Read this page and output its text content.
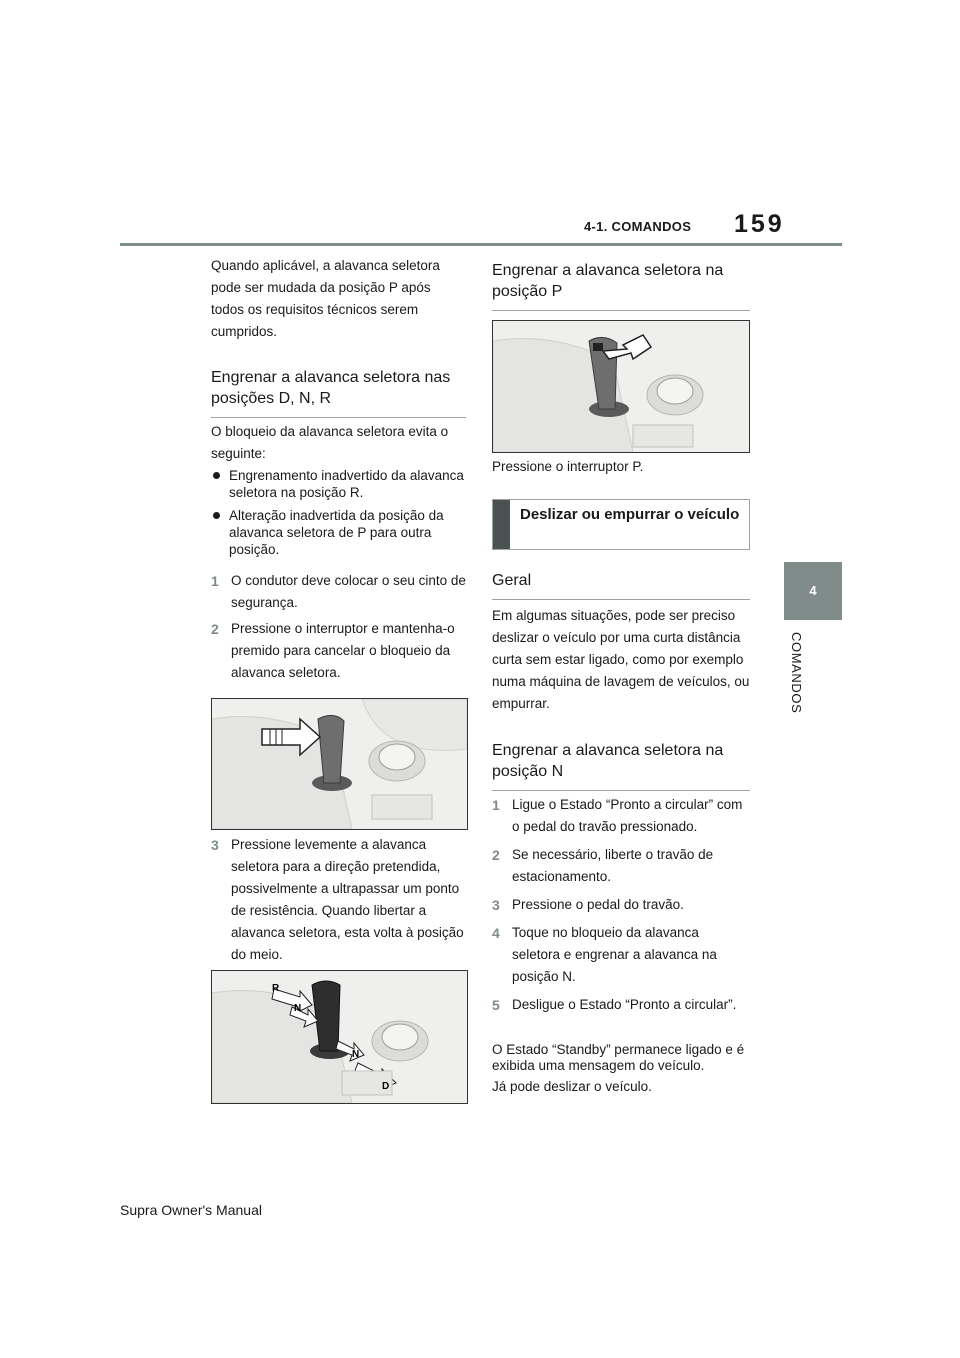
4-1. COMANDOS 159
4
COMANDOS

Quando aplicável, a alavanca seletora pode ser mudada da posição P após todos os requisitos técnicos serem cumpridos.

Engrenar a alavanca seletora nas posições D, N, R

O bloqueio da alavanca seletora evita o seguinte:

Engrenamento inadvertido da alavanca seletora na posição R.

Alteração inadvertida da posição da alavanca seletora de P para outra posição.

1 O condutor deve colocar o seu cinto de segurança.

2 Pressione o interruptor e mantenha-o premido para cancelar o bloqueio da alavanca seletora.

3 Pressione levemente a alavanca seletora para a direção pretendida, possivelmente a ultrapassar um ponto de resistência. Quando libertar a alavanca seletora, esta volta à posição do meio.

R
N
N
D
Engrenar a alavanca seletora na posição P

Pressione o interruptor P.

Deslizar ou empurrar o veículo
Geral

Em algumas situações, pode ser preciso deslizar o veículo por uma curta distância curta sem estar ligado, como por exemplo numa máquina de lavagem de veículos, ou empurrar.

Engrenar a alavanca seletora na posição N

1 Ligue o Estado “Pronto a circular” com o pedal do travão pressionado.

2 Se necessário, liberte o travão de estacionamento.

3 Pressione o pedal do travão.

4 Toque no bloqueio da alavanca seletora e engrenar a alavanca na posição N.

5 Desligue o Estado “Pronto a circular”.

O Estado “Standby” permanece ligado e é exibida uma mensagem do veículo.

Já pode deslizar o veículo.

Supra Owner's Manual
